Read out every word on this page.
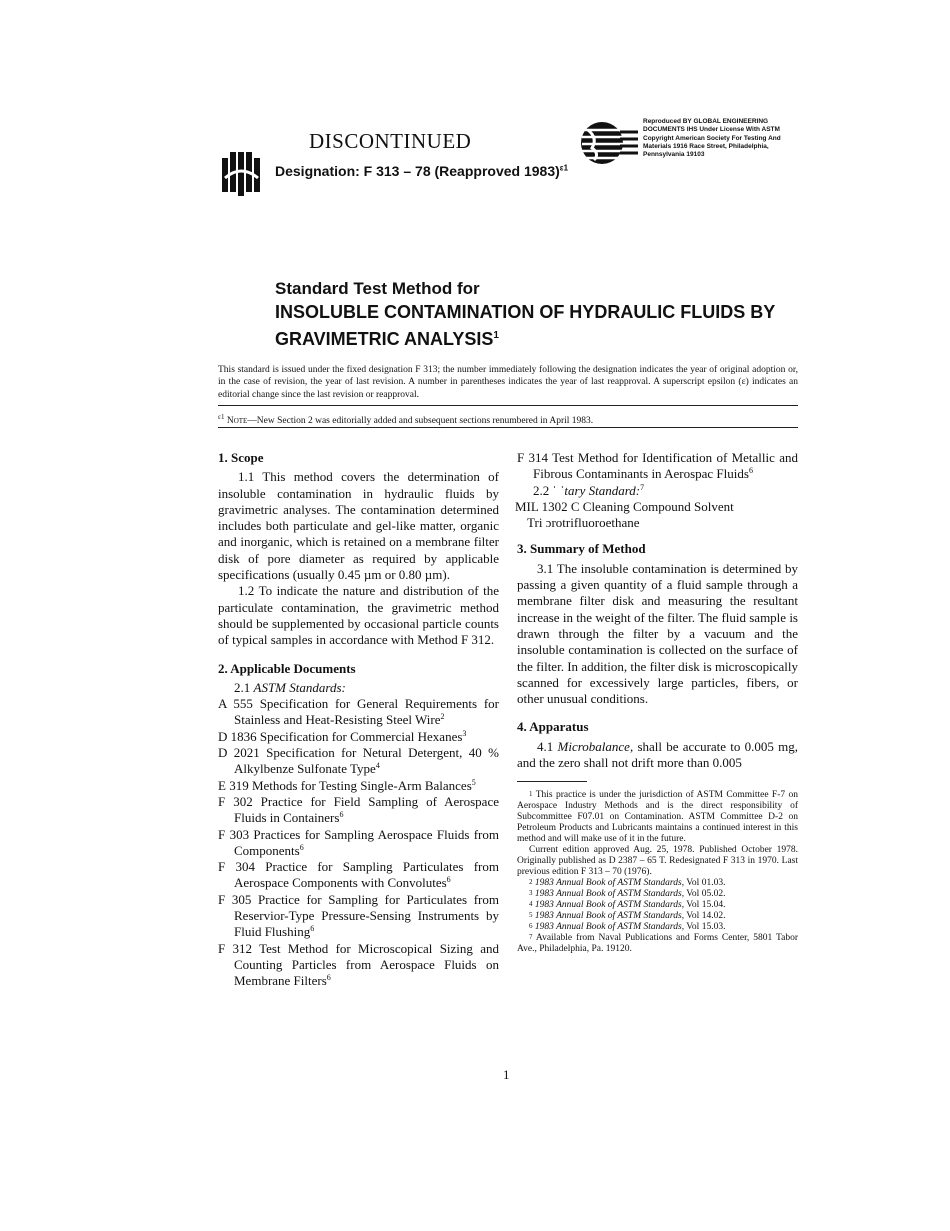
DISCONTINUED
Designation: F 313 – 78 (Reapproved 1983)$^{\varepsilon 1}$
Reproduced BY GLOBAL ENGINEERING DOCUMENTS IHS Under License With ASTM Copyright American Society For Testing And Materials 1916 Race Street, Philadelphia, Pennsylvania 19103
Standard Test Method for
INSOLUBLE CONTAMINATION OF HYDRAULIC FLUIDS BY GRAVIMETRIC ANALYSIS$^1$
This standard is issued under the fixed designation F 313; the number immediately following the designation indicates the year of original adoption or, in the case of revision, the year of last revision. A number in parentheses indicates the year of last reapproval. A superscript epsilon (ε) indicates an editorial change since the last revision or reapproval.
$^{\varepsilon 1}$ Note—New Section 2 was editorially added and subsequent sections renumbered in April 1983.
1. Scope

1.1 This method covers the determination of insoluble contamination in hydraulic fluids by gravimetric analyses. The contamination determined includes both particulate and gel-like matter, organic and inorganic, which is retained on a membrane filter disk of pore diameter as required by applicable specifications (usually 0.45 µm or 0.80 µm).

1.2 To indicate the nature and distribution of the particulate contamination, the gravimetric method should be supplemented by occasional particle counts of typical samples in accordance with Method F 312.

2. Applicable Documents
2.1 ASTM Standards:

A 555 Specification for General Requirements for Stainless and Heat-Resisting Steel Wire$^2$

D 1836 Specification for Commercial Hexanes$^3$

D 2021 Specification for Netural Detergent, 40 % Alkylbenze Sulfonate Type$^4$

E 319 Methods for Testing Single-Arm Balances$^5$

F 302 Practice for Field Sampling of Aerospace Fluids in Containers$^6$

F 303 Practices for Sampling Aerospace Fluids from Components$^6$

F 304 Practice for Sampling Particulates from Aerospace Components with Convolutes$^6$

F 305 Practice for Sampling for Particulates from Reservior-Type Pressure-Sensing Instruments by Fluid Flushing$^6$

F 312 Test Method for Microscopical Sizing and Counting Particles from Aerospace Fluids on Membrane Filters$^6$

F 314 Test Method for Identification of Metallic and Fibrous Contaminants in Aerospac Fluids$^6$

2.2 ˈ ˈtary Standard:$^7$

MIL 1302 C Cleaning Compound Solvent

Tri ɔrotrifluoroethane

3. Summary of Method

3.1 The insoluble contamination is determined by passing a given quantity of a fluid sample through a membrane filter disk and measuring the resultant increase in the weight of the filter. The fluid sample is drawn through the filter by a vacuum and the insoluble contamination is collected on the surface of the filter. In addition, the filter disk is microscopically scanned for excessively large particles, fibers, or other unusual conditions.

4. Apparatus

4.1 Microbalance, shall be accurate to 0.005 mg, and the zero shall not drift more than 0.005

$^1$ This practice is under the jurisdiction of ASTM Committee F-7 on Aerospace Industry Methods and is the direct responsibility of Subcommittee F07.01 on Contamination. ASTM Committee D-2 on Petroleum Products and Lubricants maintains a continued interest in this method and will make use of it in the future.

Current edition approved Aug. 25, 1978. Published October 1978. Originally published as D 2387 – 65 T. Redesignated F 313 in 1970. Last previous edition F 313 – 70 (1976).

$^2$ 1983 Annual Book of ASTM Standards, Vol 01.03.

$^3$ 1983 Annual Book of ASTM Standards, Vol 05.02.

$^4$ 1983 Annual Book of ASTM Standards, Vol 15.04.

$^5$ 1983 Annual Book of ASTM Standards, Vol 14.02.

$^6$ 1983 Annual Book of ASTM Standards, Vol 15.03.

$^7$ Available from Naval Publications and Forms Center, 5801 Tabor Ave., Philadelphia, Pa. 19120.

1
